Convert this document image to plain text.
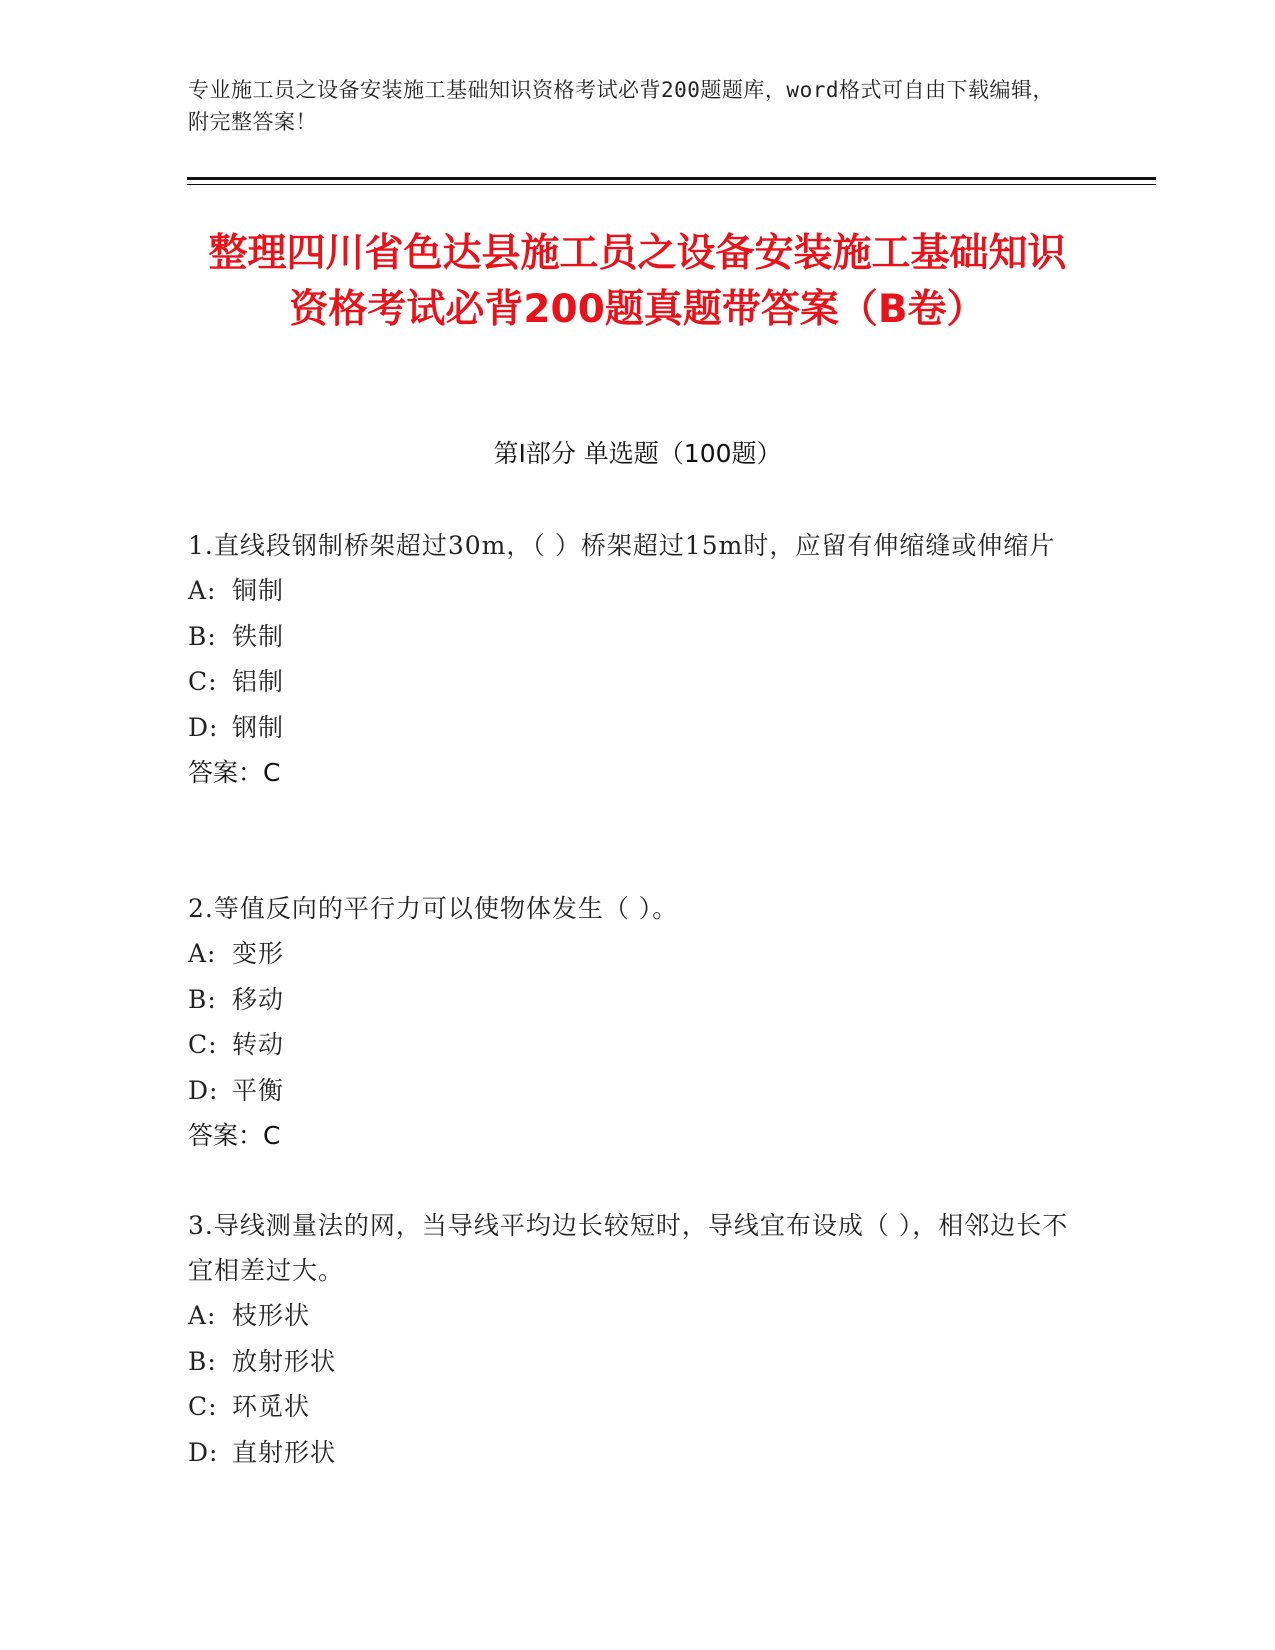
专业施工员之设备安装施工基础知识资格考试必背200题题库，word格式可自由下载编辑，附完整答案！
整理四川省色达县施工员之设备安装施工基础知识资格考试必背200题真题带答案（B卷）
第Ⅰ部分 单选题（100题）
1.直线段钢制桥架超过30m，（ ）桥架超过15m时，应留有伸缩缝或伸缩片
A: 铜制
B: 铁制
C: 铝制
D: 钢制
答案：C
2.等值反向的平行力可以使物体发生（ ）。
A: 变形
B: 移动
C: 转动
D: 平衡
答案：C
3.导线测量法的网，当导线平均边长较短时，导线宜布设成（ ），相邻边长不宜相差过大。
A: 枝形状
B: 放射形状
C: 环觅状
D: 直射形状
